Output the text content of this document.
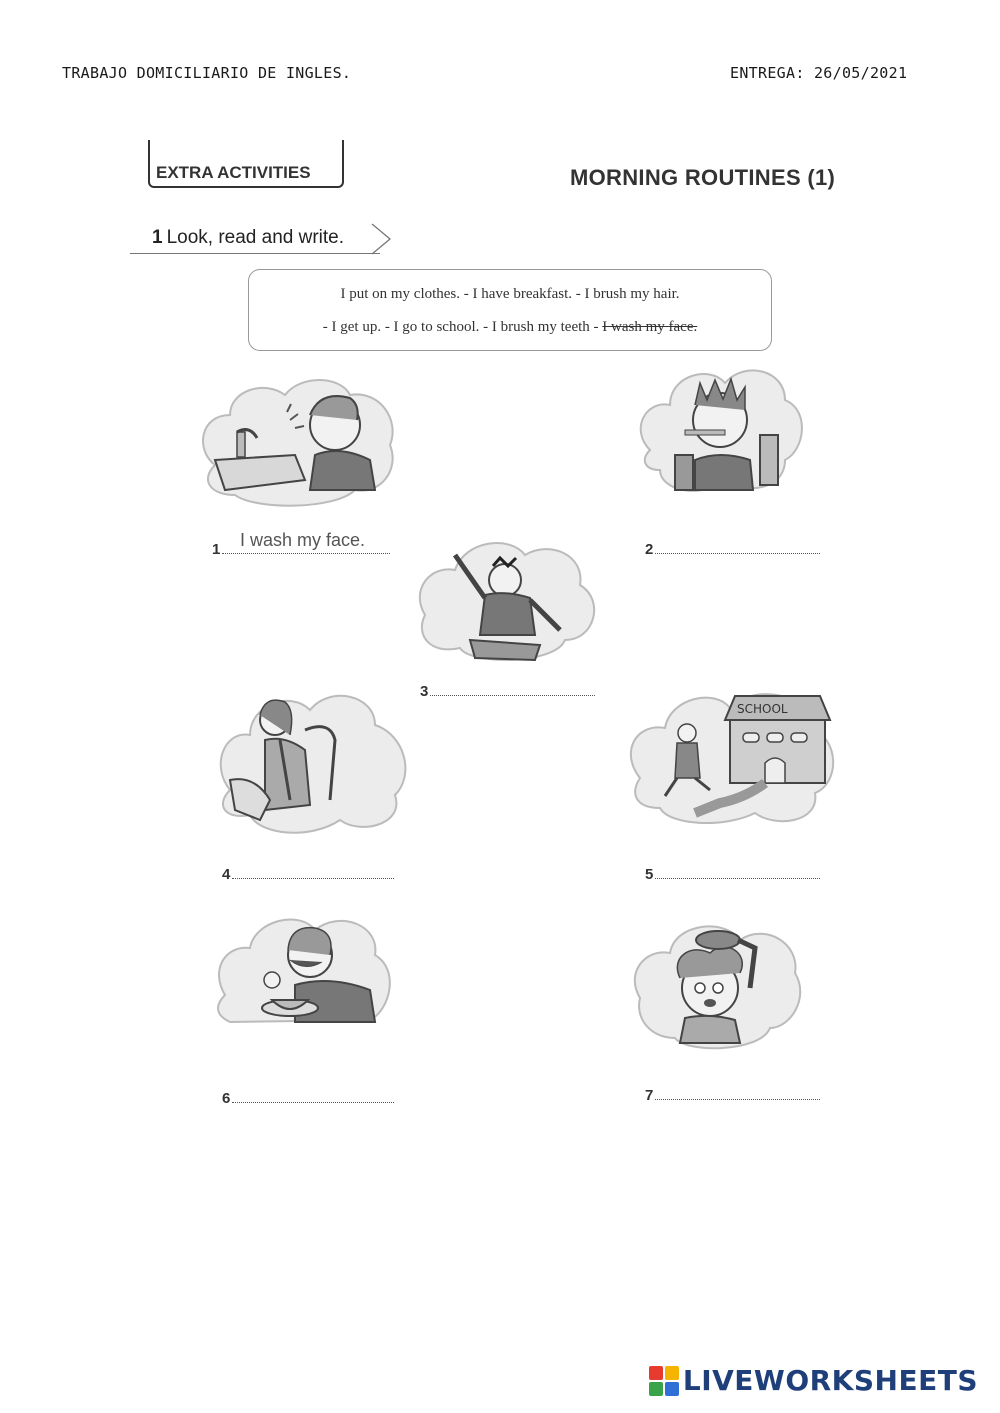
TRABAJO DOMICILIARIO DE INGLES.	ENTREGA: 26/05/2021
EXTRA ACTIVITIES	MORNING ROUTINES (1)
1 Look, read and write.
I put on my clothes. - I have breakfast. - I brush my hair.
- I get up. - I go to school. - I brush my teeth - I wash my face.
1	I wash my face.	2
3
4
SCHOOL
5
6	7
LIVEWORKSHEETS
